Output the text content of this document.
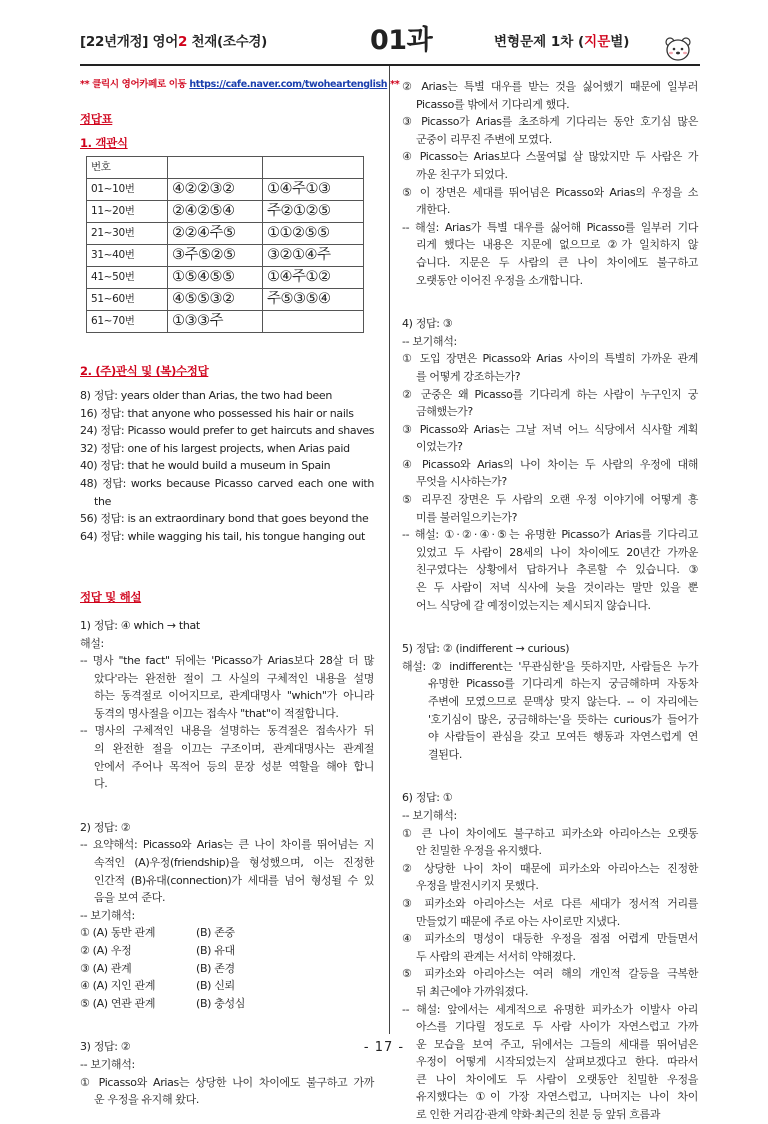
[22년개정] 영어2 천재(조수경)	01과	변형문제 1차 (지문별)
** 클릭시 영어카페로 이동 https://cafe.naver.com/twoheartenglish **
정답표
1. 객관식
번호		
01~10번	④②②③②	①④주①③
11~20번	②④②⑤④	주②①②⑤
21~30번	②②④주⑤	①①②⑤⑤
31~40번	③주⑤②⑤	③②①④주
41~50번	①⑤④⑤⑤	①④주①②
51~60번	④⑤⑤③②	주⑤③⑤④
61~70번	①③③주	
2. (주)관식 및 (복)수정답
8) 정답: years older than Arias, the two had been
16) 정답: that anyone who possessed his hair or nails
24) 정답: Picasso would prefer to get haircuts and shaves
32) 정답: one of his largest projects, when Arias paid
40) 정답: that he would build a museum in Spain
48) 정답: works because Picasso carved each one with
the
56) 정답: is an extraordinary bond that goes beyond the
64) 정답: while wagging his tail, his tongue hanging out
정답 및 해설
1) 정답: ④ which → that
해설:
-- 명사 "the fact" 뒤에는 'Picasso가 Arias보다 28살 더 많
았다'라는 완전한 절이 그 사실의 구체적인 내용을 설명
하는 동격절로 이어지므로, 관계대명사 "which"가 아니라
동격의 명사절을 이끄는 접속사 "that"이 적절합니다.
-- 명사의 구체적인 내용을 설명하는 동격절은 접속사가 뒤
의 완전한 절을 이끄는 구조이며, 관계대명사는 관계절
안에서 주어나 목적어 등의 문장 성분 역할을 해야 합니
다.
2) 정답: ②
-- 요약해석: Picasso와 Arias는 큰 나이 차이를 뛰어넘는 지
속적인 (A)우정(friendship)을 형성했으며, 이는 진정한
인간적 (B)유대(connection)가 세대를 넘어 형성될 수 있
음을 보여 준다.
-- 보기해석:
① (A) 동반 관계	(B) 존중
② (A) 우정	(B) 유대
③ (A) 관계	(B) 존경
④ (A) 지인 관계	(B) 신뢰
⑤ (A) 연관 관계	(B) 충성심
3) 정답: ②
-- 보기해석:
① Picasso와 Arias는 상당한 나이 차이에도 불구하고 가까
운 우정을 유지해 왔다.
② Arias는 특별 대우를 받는 것을 싫어했기 때문에 일부러
Picasso를 밖에서 기다리게 했다.
③ Picasso가 Arias를 초조하게 기다리는 동안 호기심 많은
군중이 리무진 주변에 모였다.
④ Picasso는 Arias보다 스물여덟 살 많았지만 두 사람은 가
까운 친구가 되었다.
⑤ 이 장면은 세대를 뛰어넘은 Picasso와 Arias의 우정을 소
개한다.
-- 해설: Arias가 특별 대우를 싫어해 Picasso를 일부러 기다
리게 했다는 내용은 지문에 없으므로 ②가 일치하지 않
습니다. 지문은 두 사람의 큰 나이 차이에도 불구하고
오랫동안 이어진 우정을 소개합니다.
4) 정답: ③
-- 보기해석:
① 도입 장면은 Picasso와 Arias 사이의 특별히 가까운 관계
를 어떻게 강조하는가?
② 군중은 왜 Picasso를 기다리게 하는 사람이 누구인지 궁
금해했는가?
③ Picasso와 Arias는 그날 저녁 어느 식당에서 식사할 계획
이었는가?
④ Picasso와 Arias의 나이 차이는 두 사람의 우정에 대해
무엇을 시사하는가?
⑤ 리무진 장면은 두 사람의 오랜 우정 이야기에 어떻게 흥
미를 불러일으키는가?
-- 해설: ①·②·④·⑤는 유명한 Picasso가 Arias를 기다리고
있었고 두 사람이 28세의 나이 차이에도 20년간 가까운
친구였다는 상황에서 답하거나 추론할 수 있습니다. ③
은 두 사람이 저녁 식사에 늦을 것이라는 말만 있을 뿐
어느 식당에 갈 예정이었는지는 제시되지 않습니다.
5) 정답: ② (indifferent → curious)
해설: ② indifferent는 '무관심한'을 뜻하지만, 사람들은 누가
유명한 Picasso를 기다리게 하는지 궁금해하며 자동차
주변에 모였으므로 문맥상 맞지 않는다. -- 이 자리에는
'호기심이 많은, 궁금해하는'을 뜻하는 curious가 들어가
야 사람들이 관심을 갖고 모여든 행동과 자연스럽게 연
결된다.
6) 정답: ①
-- 보기해석:
① 큰 나이 차이에도 불구하고 피카소와 아리아스는 오랫동
안 친밀한 우정을 유지했다.
② 상당한 나이 차이 때문에 피카소와 아리아스는 진정한
우정을 발전시키지 못했다.
③ 피카소와 아리아스는 서로 다른 세대가 정서적 거리를
만들었기 때문에 주로 아는 사이로만 지냈다.
④ 피카소의 명성이 대등한 우정을 점점 어렵게 만들면서
두 사람의 관계는 서서히 약해졌다.
⑤ 피카소와 아리아스는 여러 해의 개인적 갈등을 극복한
뒤 최근에야 가까워졌다.
-- 해설: 앞에서는 세계적으로 유명한 피카소가 이발사 아리
아스를 기다릴 정도로 두 사람 사이가 자연스럽고 가까
운 모습을 보여 주고, 뒤에서는 그들의 세대를 뛰어넘은
우정이 어떻게 시작되었는지 살펴보겠다고 한다. 따라서
큰 나이 차이에도 두 사람이 오랫동안 친밀한 우정을
유지했다는 ①이 가장 자연스럽고, 나머지는 나이 차이
로 인한 거리감·관계 약화·최근의 친분 등 앞뒤 흐름과
- 17 -
